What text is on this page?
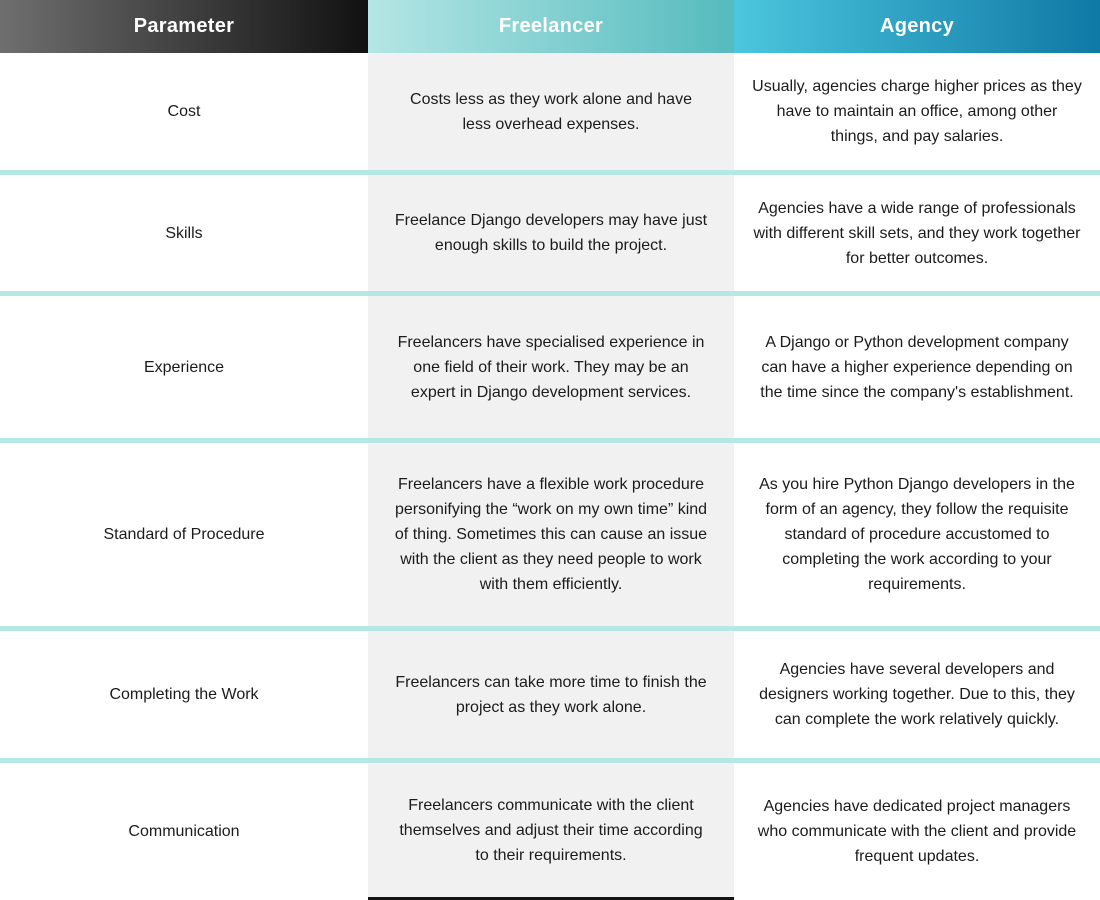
Parameter	Freelancer	Agency
Cost
Costs less as they work alone and have less overhead expenses.
Usually, agencies charge higher prices as they have to maintain an office, among other things, and pay salaries.
Skills
Freelance Django developers may have just enough skills to build the project.
Agencies have a wide range of professionals with different skill sets, and they work together for better outcomes.
Experience
Freelancers have specialised experience in one field of their work. They may be an expert in Django development services.
A Django or Python development company can have a higher experience depending on the time since the company's establishment.
Standard of Procedure
Freelancers have a flexible work procedure personifying the “work on my own time” kind of thing. Sometimes this can cause an issue with the client as they need people to work with them efficiently.
As you hire Python Django developers in the form of an agency, they follow the requisite standard of procedure accustomed to completing the work according to your requirements.
Completing the Work
Freelancers can take more time to finish the project as they work alone.
Agencies have several developers and designers working together. Due to this, they can complete the work relatively quickly.
Communication
Freelancers communicate with the client themselves and adjust their time according to their requirements.
Agencies have dedicated project managers who communicate with the client and provide frequent updates.
